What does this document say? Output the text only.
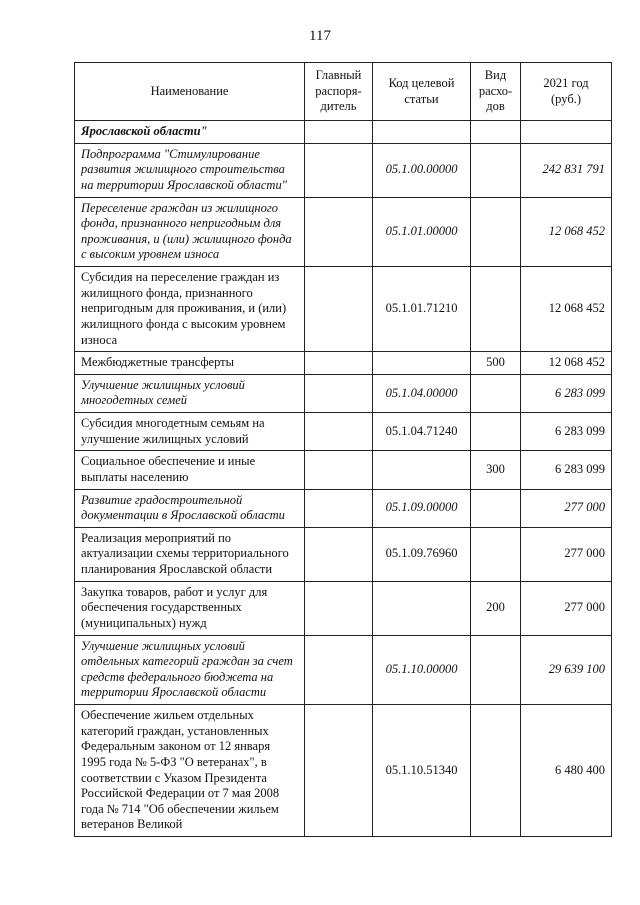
117
Наименование	Главный распоря-дитель	Код целевой статьи	Вид расхо-дов	2021 год (руб.)
Ярославской области"				
Подпрограмма "Стимулирование развития жилищного строительства на территории Ярославской области"		05.1.00.00000		242 831 791
Переселение граждан из жилищного фонда, признанного непригодным для проживания, и (или) жилищного фонда с высоким уровнем износа		05.1.01.00000		12 068 452
Субсидия на переселение граждан из жилищного фонда, признанного непригодным для проживания, и (или) жилищного фонда с высоким уровнем износа		05.1.01.71210		12 068 452
Межбюджетные трансферты			500	12 068 452
Улучшение жилищных условий многодетных семей		05.1.04.00000		6 283 099
Субсидия многодетным семьям на улучшение жилищных условий		05.1.04.71240		6 283 099
Социальное обеспечение и иные выплаты населению			300	6 283 099
Развитие градостроительной документации в Ярославской области		05.1.09.00000		277 000
Реализация мероприятий по актуализации схемы территориального планирования Ярославской области		05.1.09.76960		277 000
Закупка товаров, работ и услуг для обеспечения государственных (муниципальных) нужд			200	277 000
Улучшение жилищных условий отдельных категорий граждан за счет средств федерального бюджета на территории Ярославской области		05.1.10.00000		29 639 100
Обеспечение жильем отдельных категорий граждан, установленных Федеральным законом от 12 января 1995 года № 5-ФЗ "О ветеранах", в соответствии с Указом Президента Российской Федерации от 7 мая 2008 года № 714 "Об обеспечении жильем ветеранов Великой		05.1.10.51340		6 480 400
